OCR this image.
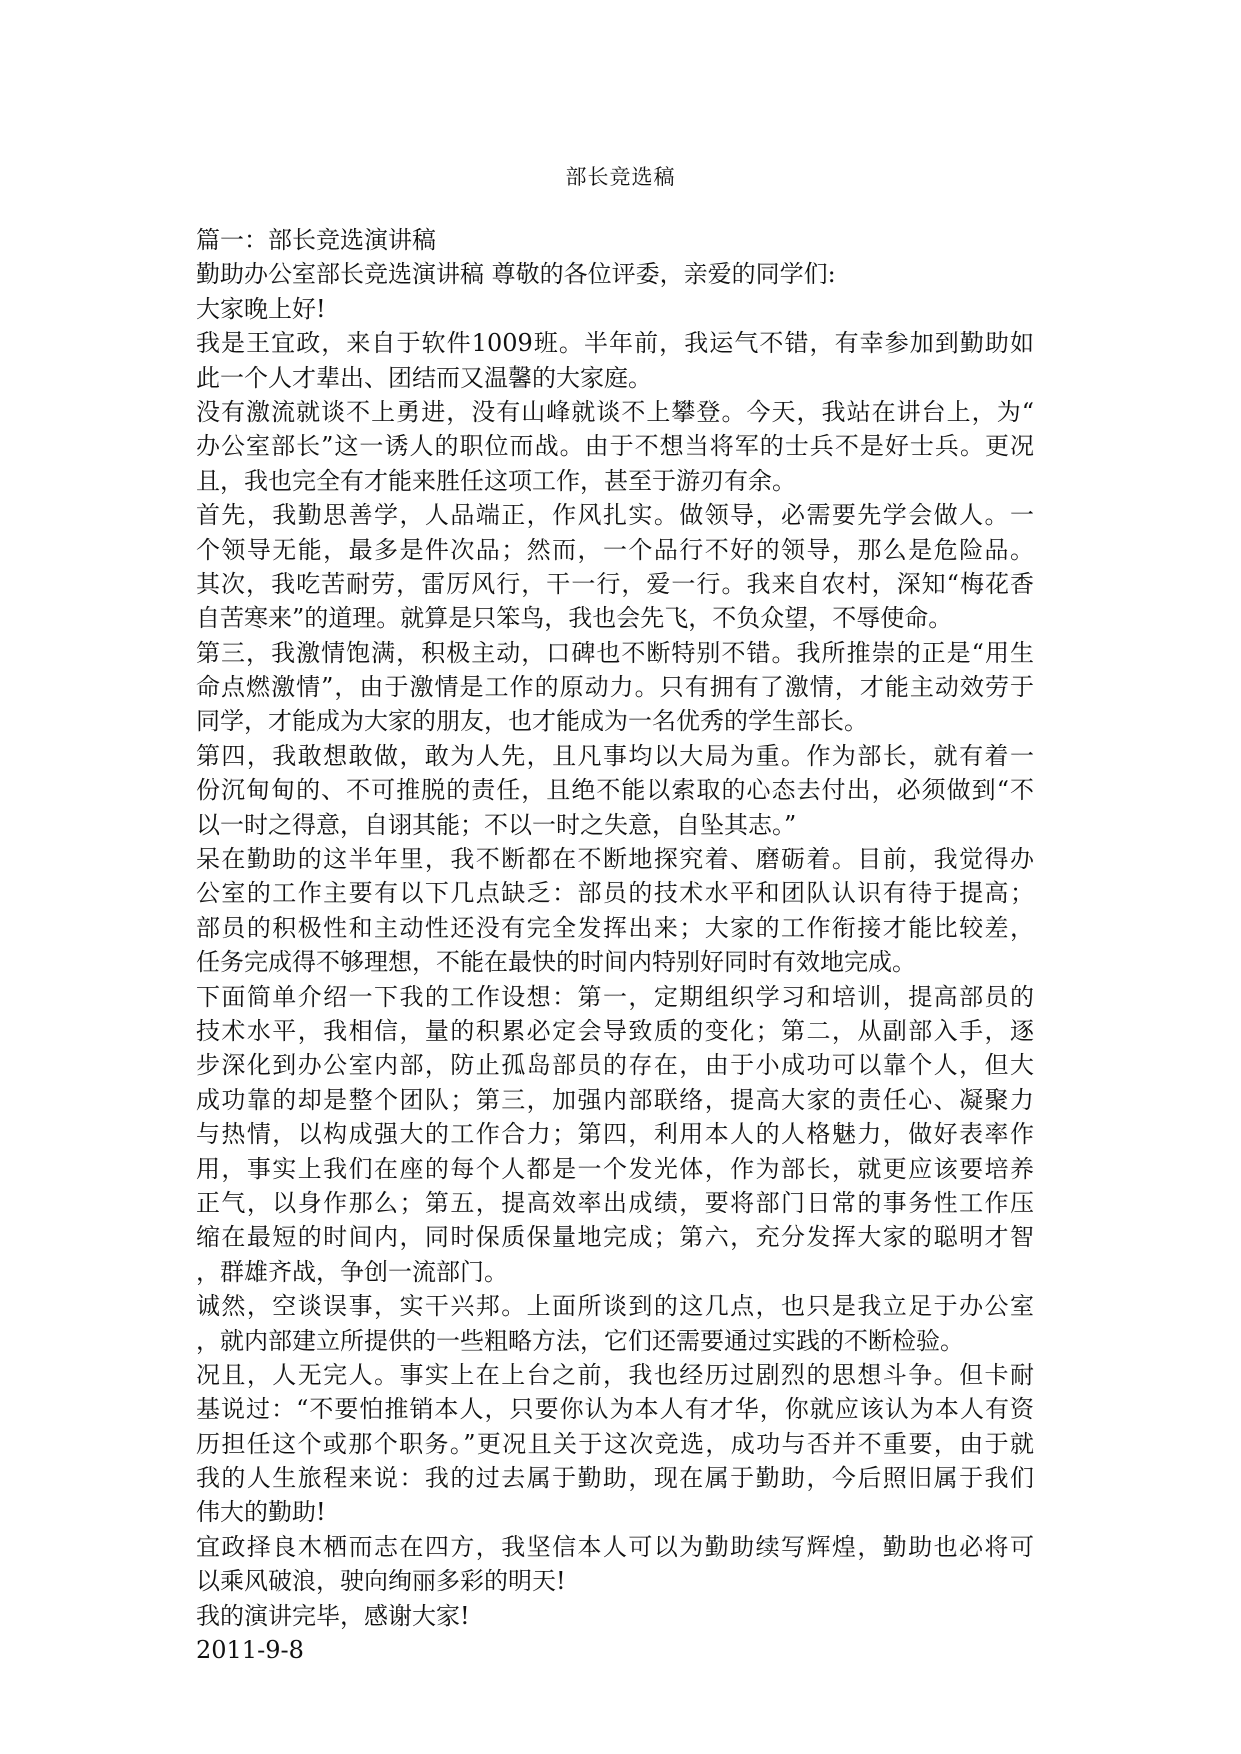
部长竞选稿
篇一：部长竞选演讲稿
勤助办公室部长竞选演讲稿 尊敬的各位评委，亲爱的同学们:
大家晚上好!
我是王宜政，来自于软件1009班。半年前，我运气不错，有幸参加到勤助如
此一个人才辈出、团结而又温馨的大家庭。
没有激流就谈不上勇进，没有山峰就谈不上攀登。今天，我站在讲台上，为“
办公室部长”这一诱人的职位而战。由于不想当将军的士兵不是好士兵。更况
且，我也完全有才能来胜任这项工作，甚至于游刃有余。
首先，我勤思善学，人品端正，作风扎实。做领导，必需要先学会做人。一
个领导无能，最多是件次品；然而，一个品行不好的领导，那么是危险品。
其次，我吃苦耐劳，雷厉风行，干一行，爱一行。我来自农村，深知“梅花香
自苦寒来”的道理。就算是只笨鸟，我也会先飞，不负众望，不辱使命。
第三，我激情饱满，积极主动，口碑也不断特别不错。我所推崇的正是“用生
命点燃激情”，由于激情是工作的原动力。只有拥有了激情，才能主动效劳于
同学，才能成为大家的朋友，也才能成为一名优秀的学生部长。
第四，我敢想敢做，敢为人先，且凡事均以大局为重。作为部长，就有着一
份沉甸甸的、不可推脱的责任，且绝不能以索取的心态去付出，必须做到“不
以一时之得意，自诩其能；不以一时之失意，自坠其志。”
呆在勤助的这半年里，我不断都在不断地探究着、磨砺着。目前，我觉得办
公室的工作主要有以下几点缺乏：部员的技术水平和团队认识有待于提高；
部员的积极性和主动性还没有完全发挥出来；大家的工作衔接才能比较差，
任务完成得不够理想，不能在最快的时间内特别好同时有效地完成。
下面简单介绍一下我的工作设想：第一，定期组织学习和培训，提高部员的
技术水平，我相信，量的积累必定会导致质的变化；第二，从副部入手，逐
步深化到办公室内部，防止孤岛部员的存在，由于小成功可以靠个人，但大
成功靠的却是整个团队；第三，加强内部联络，提高大家的责任心、凝聚力
与热情，以构成强大的工作合力；第四，利用本人的人格魅力，做好表率作
用，事实上我们在座的每个人都是一个发光体，作为部长，就更应该要培养
正气，以身作那么；第五，提高效率出成绩，要将部门日常的事务性工作压
缩在最短的时间内，同时保质保量地完成；第六，充分发挥大家的聪明才智
，群雄齐战，争创一流部门。
诚然，空谈误事，实干兴邦。上面所谈到的这几点，也只是我立足于办公室
，就内部建立所提供的一些粗略方法，它们还需要通过实践的不断检验。
况且，人无完人。事实上在上台之前，我也经历过剧烈的思想斗争。但卡耐
基说过：“不要怕推销本人，只要你认为本人有才华，你就应该认为本人有资
历担任这个或那个职务。”更况且关于这次竞选，成功与否并不重要，由于就
我的人生旅程来说：我的过去属于勤助，现在属于勤助，今后照旧属于我们
伟大的勤助!
宜政择良木栖而志在四方，我坚信本人可以为勤助续写辉煌，勤助也必将可
以乘风破浪，驶向绚丽多彩的明天!
我的演讲完毕，感谢大家!
2011-9-8
